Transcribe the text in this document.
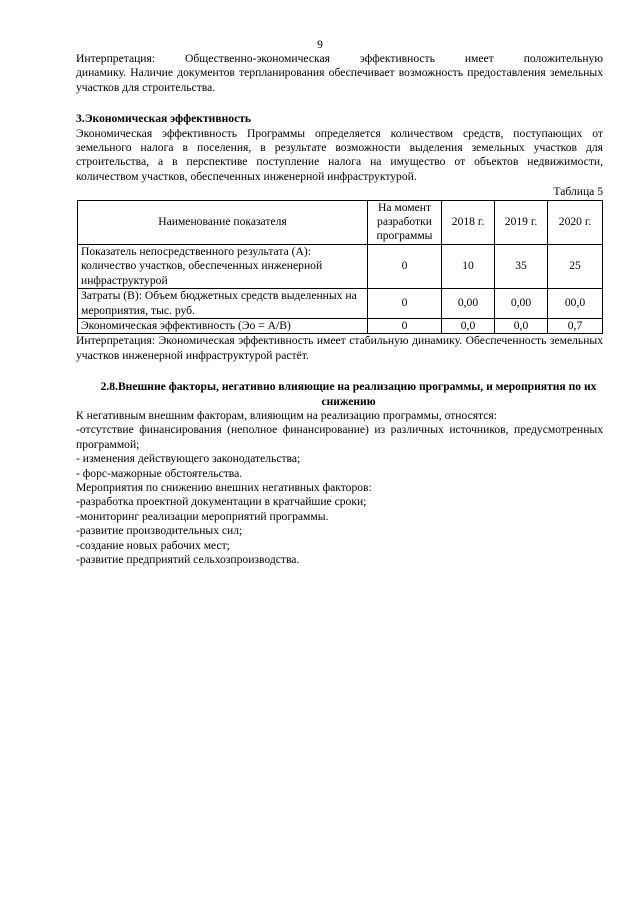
9

Интерпретация: Общественно-экономическая эффективность имеет положительную

динамику. Наличие документов терпланирования обеспечивает возможность предоставления земельных участков для строительства.

3.Экономическая эффективность

Экономическая эффективность Программы определяется количеством средств, поступающих от земельного налога в поселения, в результате возможности выделения земельных участков для строительства, а в перспективе поступление налога на имущество от объектов недвижимости, количеством участков, обеспеченных инженерной инфраструктурой.

Таблица 5

Наименование показателя	На момент разработки программы	2018 г.	2019 г.	2020 г.
Показатель непосредственного результата (А): количество участков, обеспеченных инженерной инфраструктурой	0	10	35	25
Затраты (В): Объем бюджетных средств выделенных на мероприятия, тыс. руб.	0	0,00	0,00	00,0
Экономическая эффективность (Эо = А/В)	0	0,0	0,0	0,7

Интерпретация: Экономическая эффективность имеет стабильную динамику. Обеспеченность земельных участков инженерной инфраструктурой растёт.

2.8.Внешние факторы, негативно влияющие на реализацию программы, и мероприятия по их снижению

К негативным внешним факторам, влияющим на реализацию программы, относятся:

-отсутствие финансирования (неполное финансирование) из различных источников, предусмотренных программой;

- изменения действующего законодательства;

- форс-мажорные обстоятельства.

Мероприятия по снижению внешних негативных факторов:

-разработка проектной документации в кратчайшие сроки;

-мониторинг реализации мероприятий программы.

-развитие производительных сил;

-создание новых рабочих мест;

-развитие предприятий сельхозпроизводства.
